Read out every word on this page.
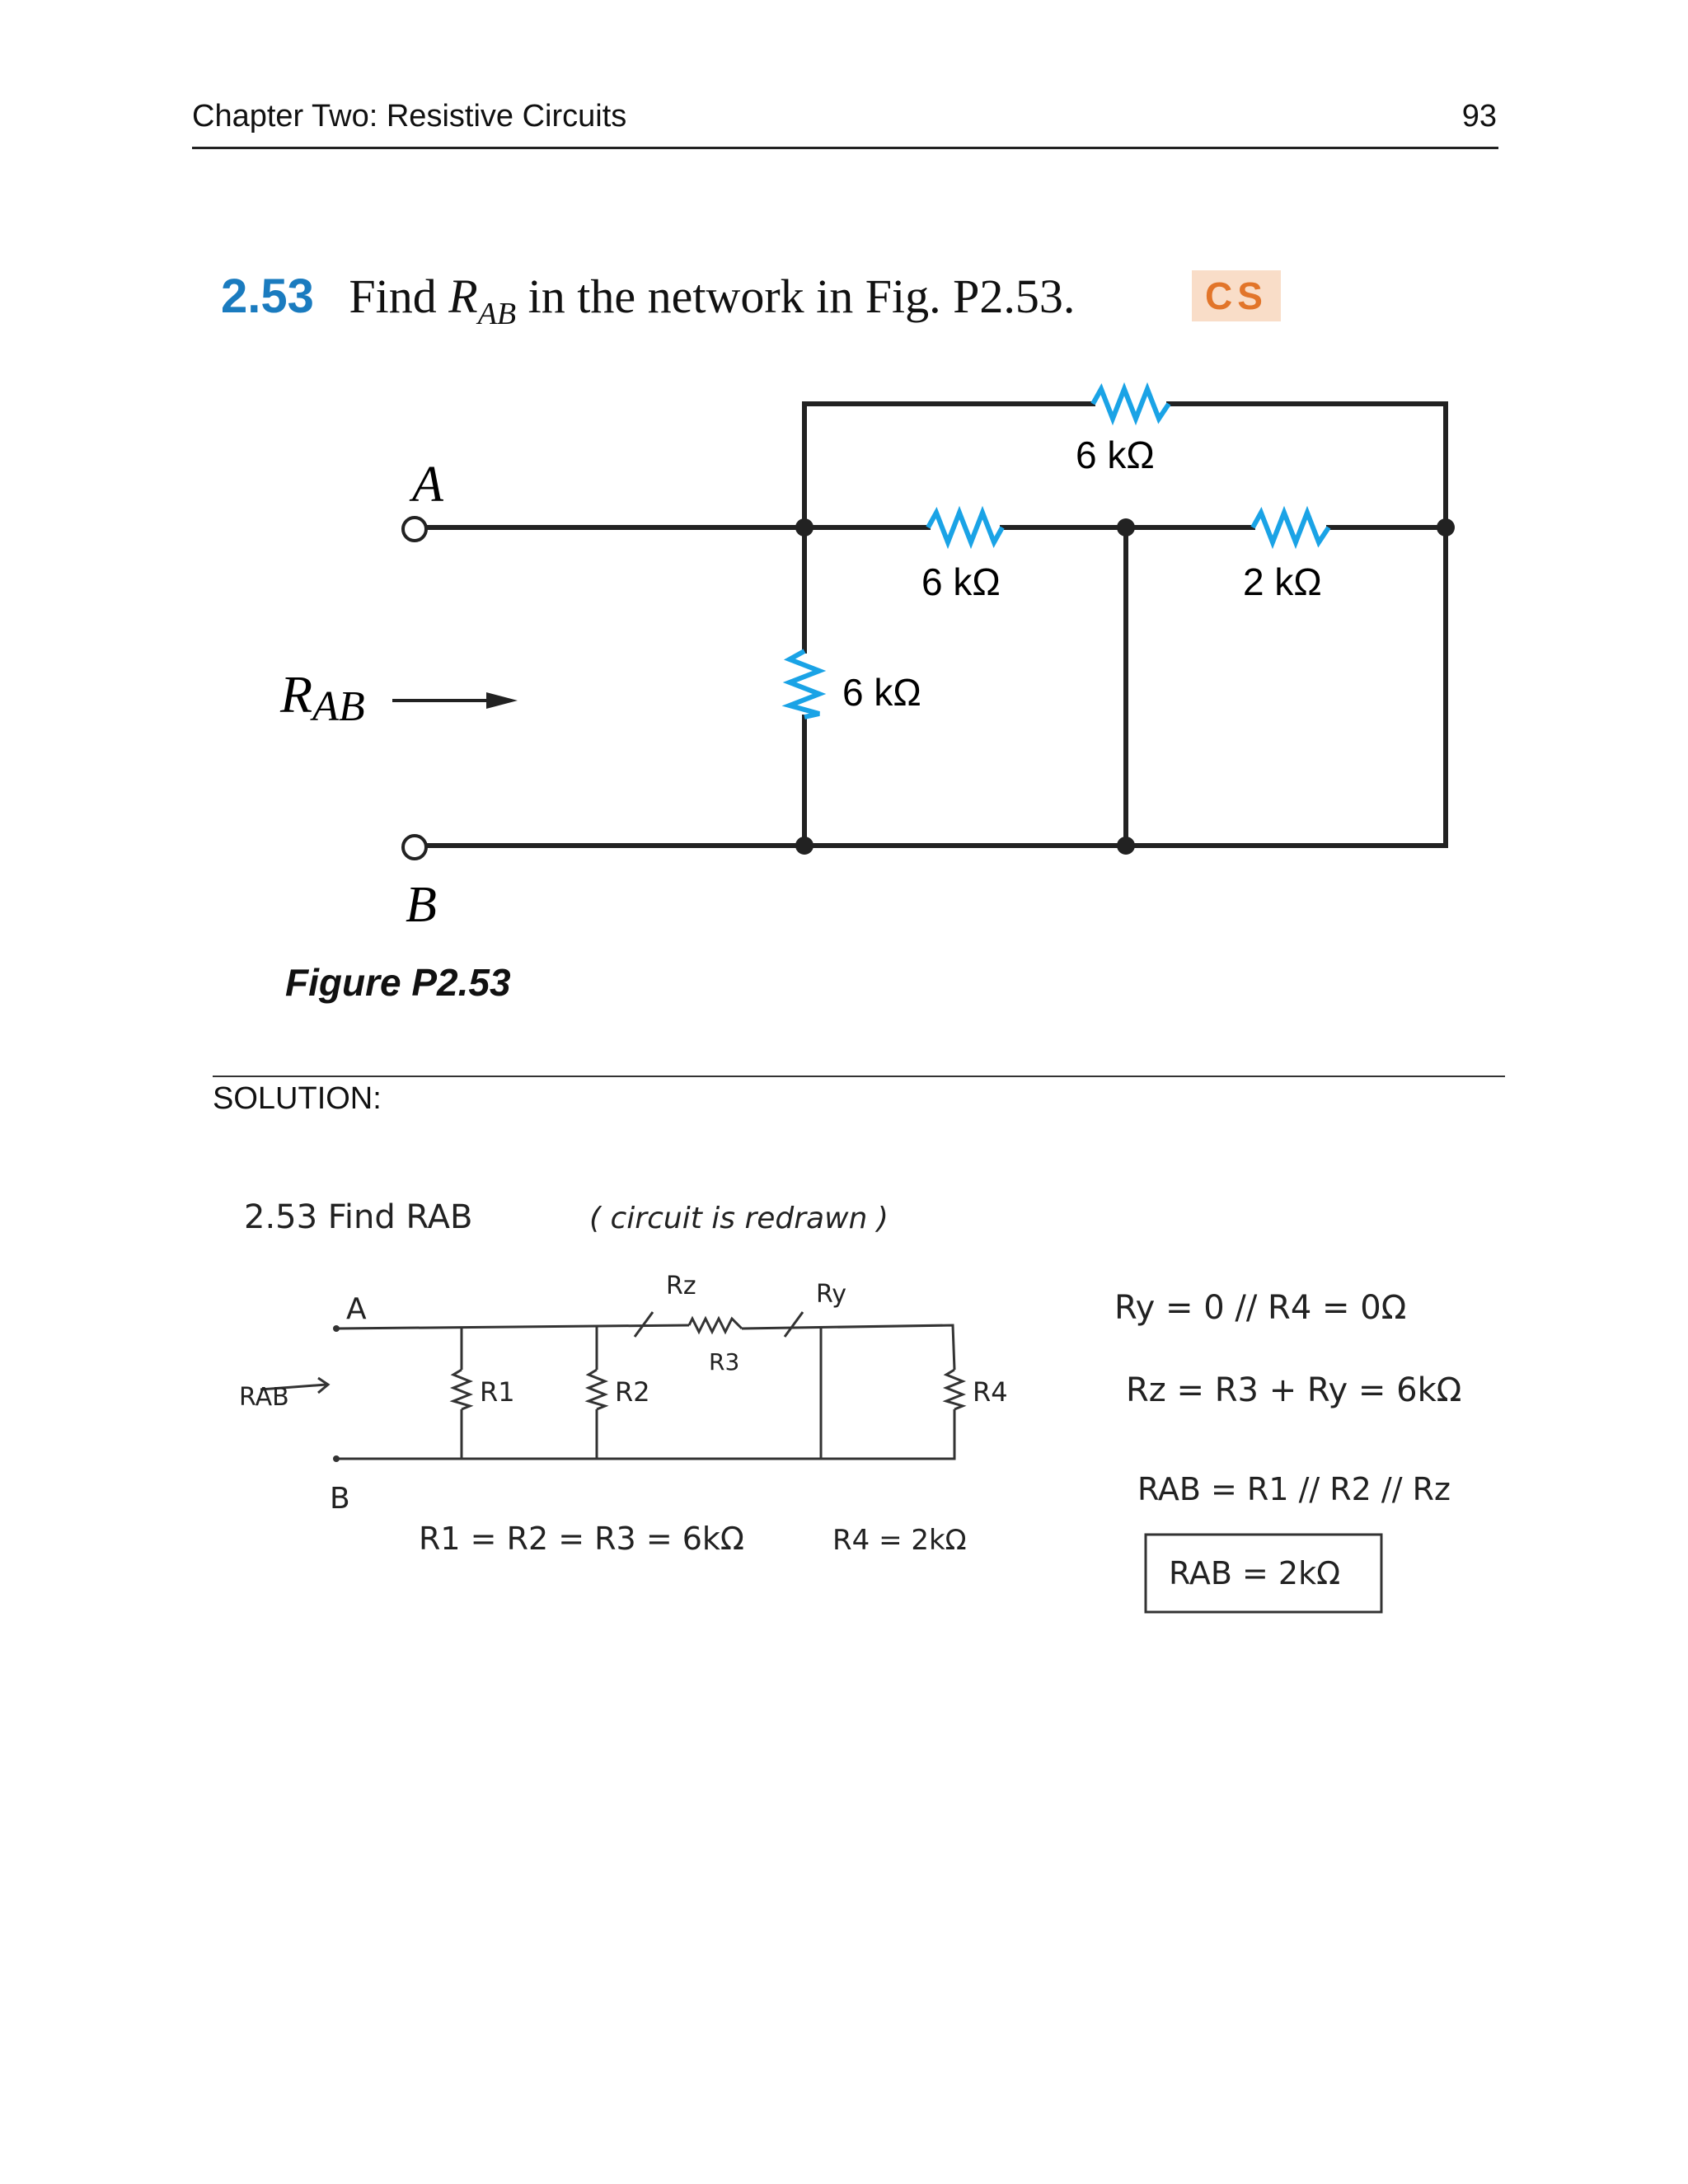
Chapter Two: Resistive Circuits	93
2.53 Find $R_{AB}$ in the network in Fig. P2.53.	CS
A
B
RAB
6 kΩ
6 kΩ	2 kΩ
6 kΩ
Figure P2.53
SOLUTION:
2.53 Find RAB	( circuit is redrawn )
A
B
RAB
Rz	Ry
R3
R1	R2	R4
R1 = R2 = R3 = 6kΩ	R4 = 2kΩ
Ry = 0 // R4 = 0Ω
Rz = R3 + Ry = 6kΩ
RAB = R1 // R2 // Rz
RAB = 2kΩ
